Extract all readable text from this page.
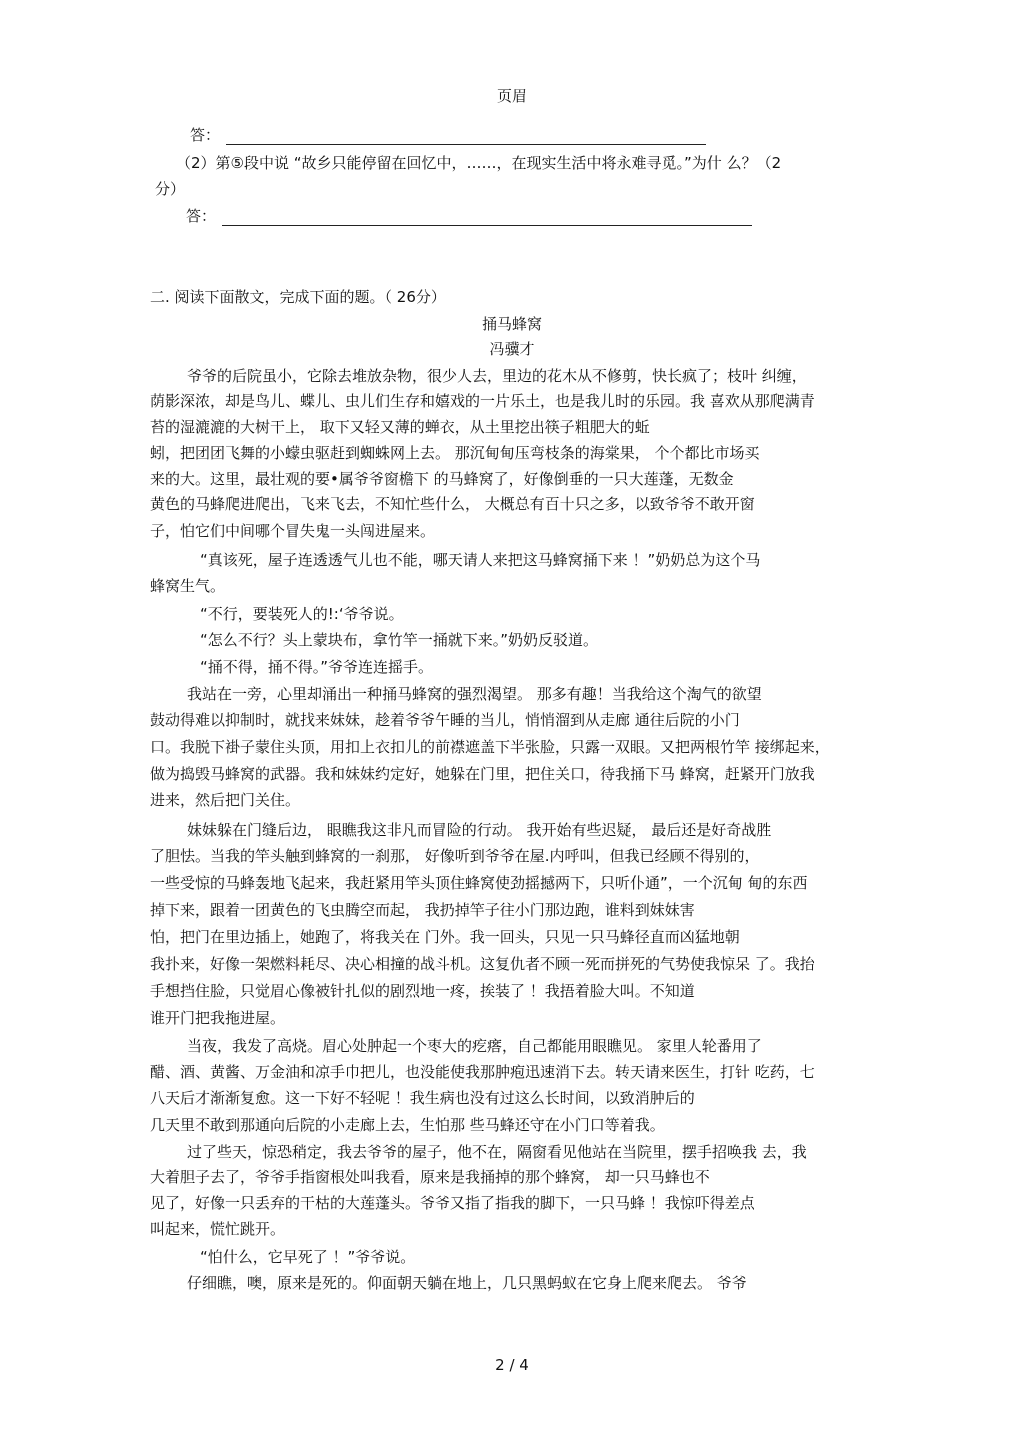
页眉
答：
（2）第⑤段中说 “故乡只能停留在回忆中，……，在现实生活中将永难寻觅。”为什 么？（2
分）
答：
二. 阅读下面散文，完成下面的题。（ 26分）
捅马蜂窝
冯骥才
爷爷的后院虽小，它除去堆放杂物，很少人去，里边的花木从不修剪，快长疯了；枝叶 纠缠，
荫影深浓，却是鸟儿、蝶儿、虫儿们生存和嬉戏的一片乐土，也是我儿时的乐园。我 喜欢从那爬满青
苔的湿漉漉的大树干上， 取下又轻又薄的蝉衣，从土里挖出筷子粗肥大的蚯
蚓，把团团飞舞的小蠓虫驱赶到蜘蛛网上去。 那沉甸甸压弯枝条的海棠果， 个个都比市场买
来的大。这里，最壮观的要•属爷爷窗檐下 的马蜂窝了，好像倒垂的一只大莲蓬，无数金
黄色的马蜂爬进爬出，飞来飞去，不知忙些什么， 大概总有百十只之多，以致爷爷不敢开窗
子，怕它们中间哪个冒失鬼一头闯进屋来。
“真该死，屋子连透透气儿也不能，哪天请人来把这马蜂窝捅下来 ！”奶奶总为这个马
蜂窝生气。
“不行，要装死人的!:‘爷爷说。
“怎么不行？头上蒙块布，拿竹竿一捅就下来。”奶奶反驳道。
“捅不得，捅不得。”爷爷连连摇手。
我站在一旁，心里却涌出一种捅马蜂窝的强烈渴望。 那多有趣！当我给这个淘气的欲望
鼓动得难以抑制时，就找来妹妹，趁着爷爷午睡的当儿，悄悄溜到从走廊 通往后院的小门
口。我脱下褂子蒙住头顶，用扣上衣扣儿的前襟遮盖下半张脸，只露一双眼。又把两根竹竿 接绑起来，
做为捣毁马蜂窝的武器。我和妹妹约定好，她躲在门里，把住关口，待我捅下马 蜂窝，赶紧开门放我
进来，然后把门关住。
妹妹躲在门缝后边， 眼瞧我这非凡而冒险的行动。 我开始有些迟疑， 最后还是好奇战胜
了胆怯。当我的竿头触到蜂窝的一刹那， 好像听到爷爷在屋.内呼叫，但我已经顾不得别的，
一些受惊的马蜂轰地飞起来，我赶紧用竿头顶住蜂窝使劲摇撼两下，只听仆通”，一个沉甸 甸的东西
掉下来，跟着一团黄色的飞虫腾空而起， 我扔掉竿子往小门那边跑，谁料到妹妹害
怕，把门在里边插上，她跑了，将我关在 门外。我一回头，只见一只马蜂径直而凶猛地朝
我扑来，好像一架燃料耗尽、决心相撞的战斗机。这复仇者不顾一死而拼死的气势使我惊呆 了。我抬
手想挡住脸，只觉眉心像被针扎似的剧烈地一疼，挨装了 ！我捂着脸大叫。不知道
谁开门把我拖进屋。
当夜，我发了高烧。眉心处肿起一个枣大的疙瘩，自己都能用眼瞧见。 家里人轮番用了
醋、酒、黄酱、万金油和凉手巾把儿，也没能使我那肿疱迅速消下去。转天请来医生，打针 吃药，七
八天后才渐渐复愈。这一下好不轻呢 ！我生病也没有过这么长时间，以致消肿后的
几天里不敢到那通向后院的小走廊上去，生怕那 些马蜂还守在小门口等着我。
过了些天，惊恐稍定，我去爷爷的屋子，他不在，隔窗看见他站在当院里，摆手招唤我 去，我
大着胆子去了，爷爷手指窗根处叫我看，原来是我捅掉的那个蜂窝， 却一只马蜂也不
见了，好像一只丢弃的干枯的大莲蓬头。爷爷又指了指我的脚下，一只马蜂 ！我惊吓得差点
叫起来，慌忙跳开。
“怕什么，它早死了 ！”爷爷说。
仔细瞧，噢，原来是死的。仰面朝天躺在地上，几只黑蚂蚁在它身上爬来爬去。 爷爷
2 / 4
